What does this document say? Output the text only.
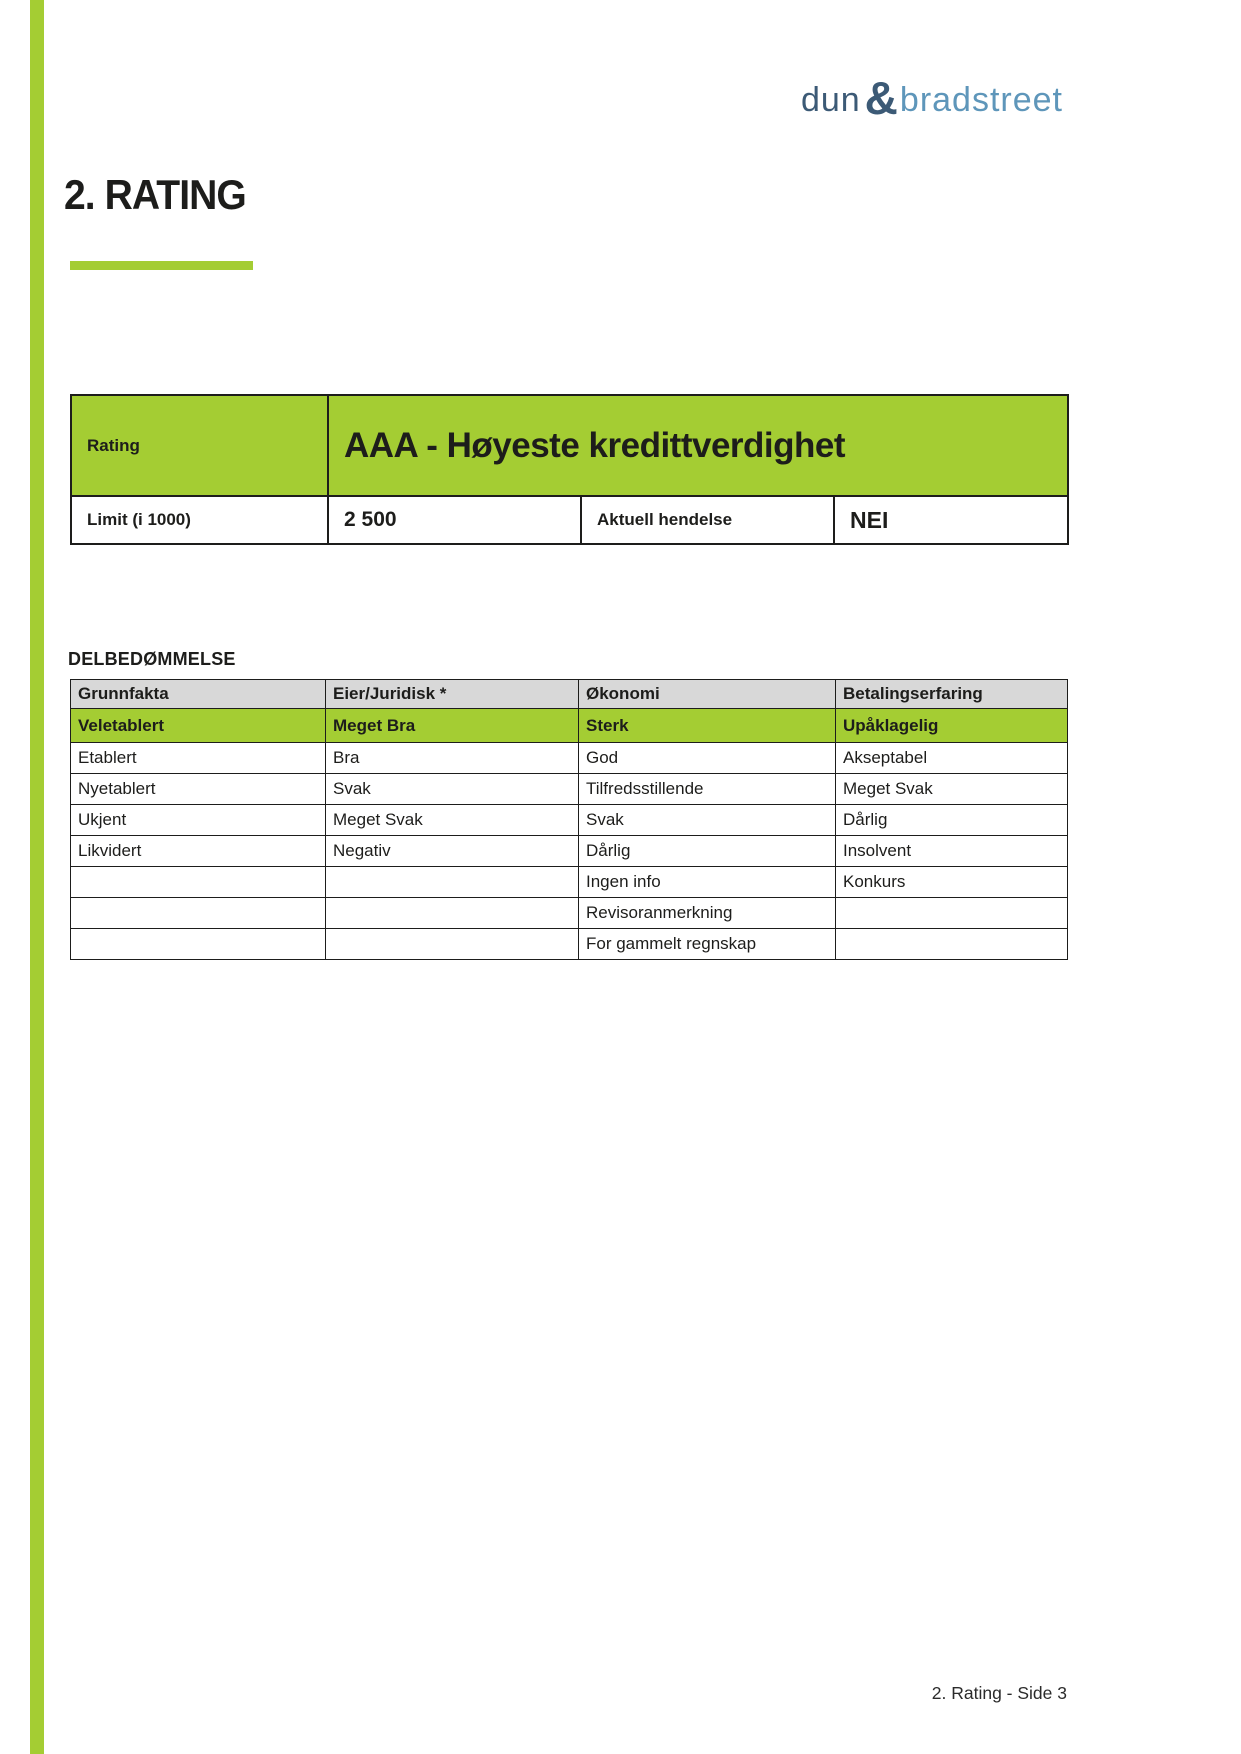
dun & bradstreet
2. RATING
Rating	AAA - Høyeste kredittverdighet		
Limit (i 1000)	2 500	Aktuell hendelse	NEI
DELBEDØMMELSE
Grunnfakta	Eier/Juridisk *	Økonomi	Betalingserfaring
Veletablert	Meget Bra	Sterk	Upåklagelig
Etablert	Bra	God	Akseptabel
Nyetablert	Svak	Tilfredsstillende	Meget Svak
Ukjent	Meget Svak	Svak	Dårlig
Likvidert	Negativ	Dårlig	Insolvent
		Ingen info	Konkurs
		Revisoranmerkning	
		For gammelt regnskap	
2. Rating - Side 3
